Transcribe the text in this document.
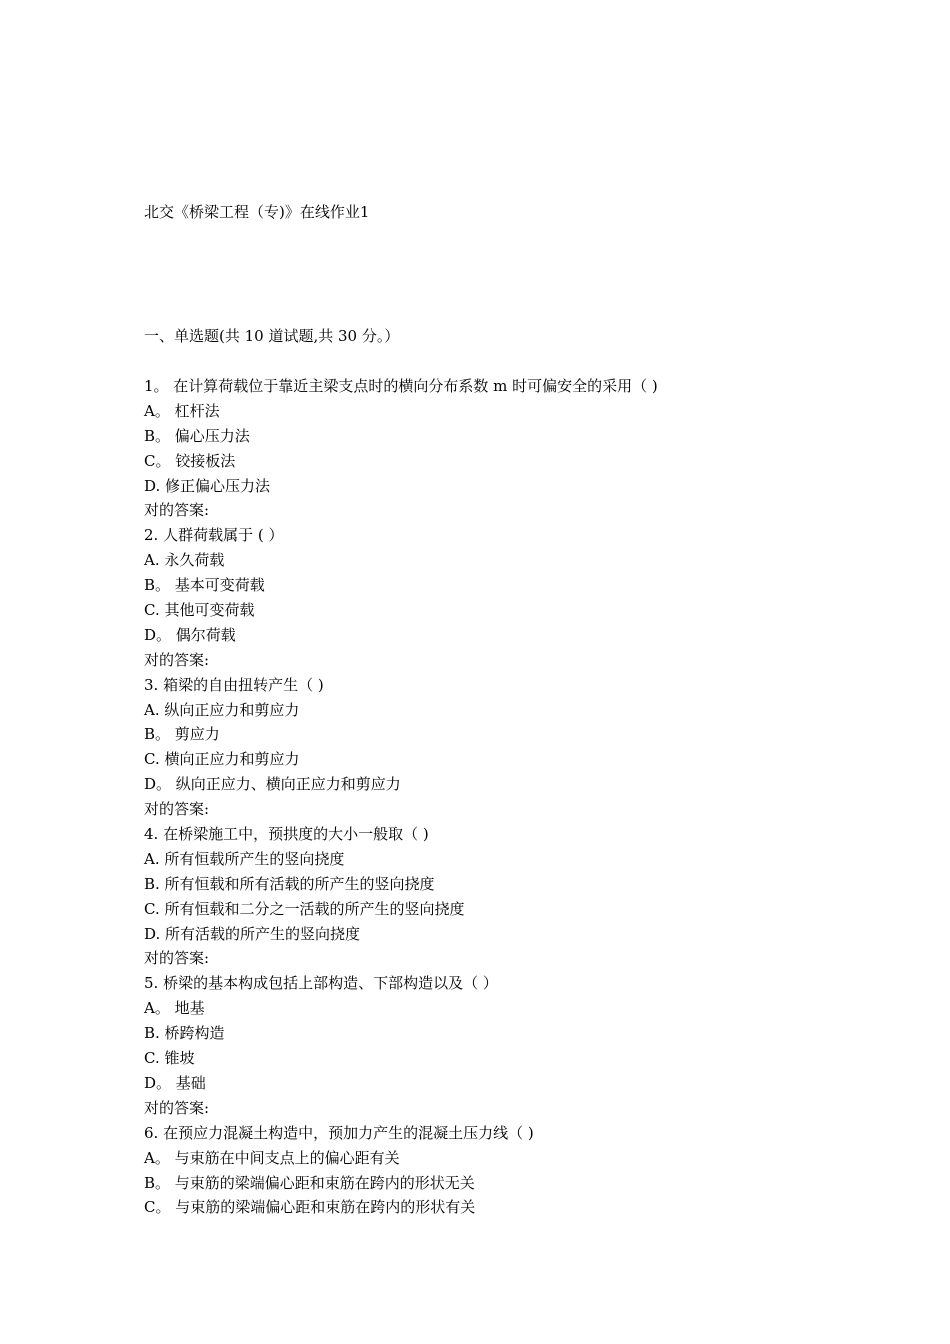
北交《桥梁工程（专)》在线作业1
一、单选题(共 10 道试题,共 30 分。）
1。 在计算荷载位于靠近主梁支点时的横向分布系数 m 时可偏安全的采用（ )
A。 杠杆法
B。 偏心压力法
C。 铰接板法
D. 修正偏心压力法
对的答案:
2. 人群荷载属于 ( ）
A. 永久荷载
B。 基本可变荷载
C. 其他可变荷载
D。 偶尔荷载
对的答案:
3. 箱梁的自由扭转产生（ )
A. 纵向正应力和剪应力
B。 剪应力
C. 横向正应力和剪应力
D。 纵向正应力、横向正应力和剪应力
对的答案:
4. 在桥梁施工中，预拱度的大小一般取（ )
A. 所有恒载所产生的竖向挠度
B. 所有恒载和所有活载的所产生的竖向挠度
C. 所有恒载和二分之一活载的所产生的竖向挠度
D. 所有活载的所产生的竖向挠度
对的答案:
5. 桥梁的基本构成包括上部构造、下部构造以及（ ）
A。 地基
B. 桥跨构造
C. 锥坡
D。 基础
对的答案:
6. 在预应力混凝土构造中，预加力产生的混凝土压力线（ )
A。 与束筋在中间支点上的偏心距有关
B。 与束筋的梁端偏心距和束筋在跨内的形状无关
C。 与束筋的梁端偏心距和束筋在跨内的形状有关
